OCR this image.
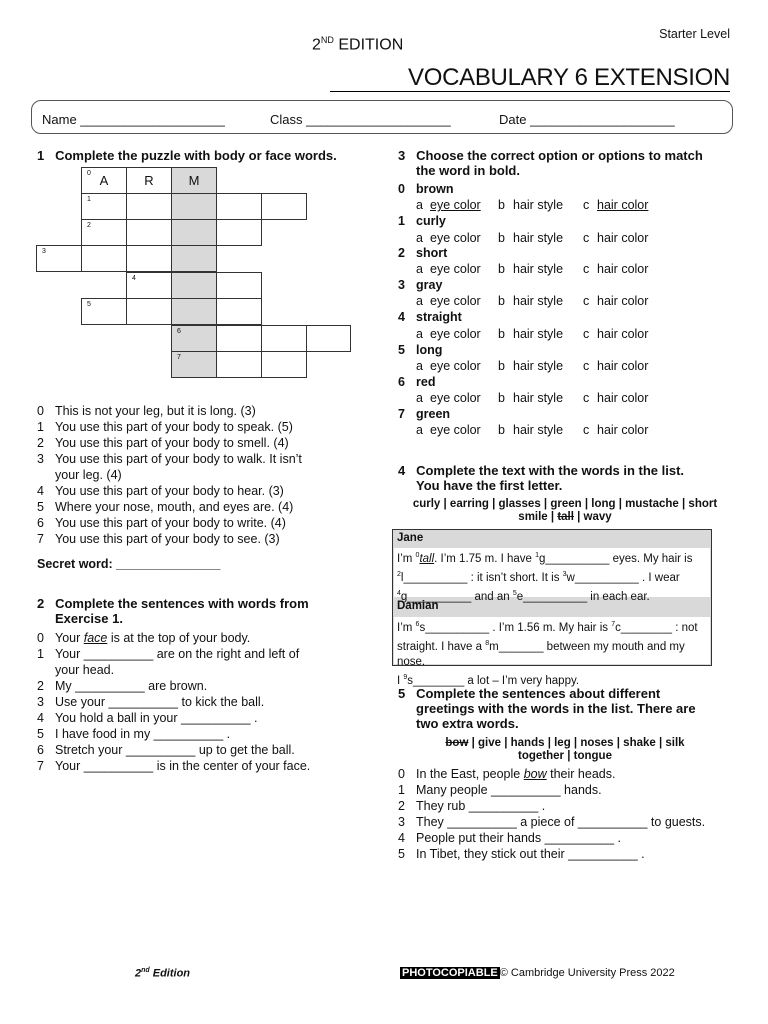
Starter Level
2ND EDITION
VOCABULARY 6 EXTENSION
Name ____________________	Class ____________________	Date ____________________
1 Complete the puzzle with body or face words.
0 A	R	M
1
2
3
4
5
6
7
0 This is not your leg, but it is long. (3)
1 You use this part of your body to speak. (5)
2 You use this part of your body to smell. (4)
3 You use this part of your body to walk. It isn’t
your leg. (4)
4 You use this part of your body to hear. (3)
5 Where your nose, mouth, and eyes are. (4)
6 You use this part of your body to write. (4)
7 You use this part of your body to see. (3)
Secret word: _______________
2 Complete the sentences with words from
Exercise 1.
0 Your face is at the top of your body.
1 Your __________ are on the right and left of
your head.
2 My __________ are brown.
3 Use your __________ to kick the ball.
4 You hold a ball in your __________ .
5 I have food in my __________ .
6 Stretch your __________ up to get the ball.
7 Your __________ is in the center of your face.
3 Choose the correct option or options to match
the word in bold.
0 brown
a eye color b hair style c hair color
1 curly
a eye color b hair style c hair color
2 short
a eye color b hair style c hair color
3 gray
a eye color b hair style c hair color
4 straight
a eye color b hair style c hair color
5 long
a eye color b hair style c hair color
6 red
a eye color b hair style c hair color
7 green
a eye color b hair style c hair color
4 Complete the text with the words in the list.
You have the first letter.
curly | earring | glasses | green | long | mustache | short
smile | tall | wavy
Jane
I’m $^0$tall. I’m 1.75 m. I have $^1$g__________ eyes. My hair is
$^2$l__________ : it isn’t short. It is $^3$w__________ . I wear
$^4$g__________ and an $^5$e__________ in each ear.
Damian
I’m $^6$s__________ . I’m 1.56 m. My hair is $^7$c________ : not
straight. I have a $^8$m_______ between my mouth and my nose.
I $^9$s________ a lot – I’m very happy.
5 Complete the sentences about different
greetings with the words in the list. There are
two extra words.
bow | give | hands | leg | noses | shake | silk
together | tongue
0 In the East, people bow their heads.
1 Many people __________ hands.
2 They rub __________ .
3 They __________ a piece of __________ to guests.
4 People put their hands __________ .
5 In Tibet, they stick out their __________ .
2nd Edition	PHOTOCOPIABLE © Cambridge University Press 2022
